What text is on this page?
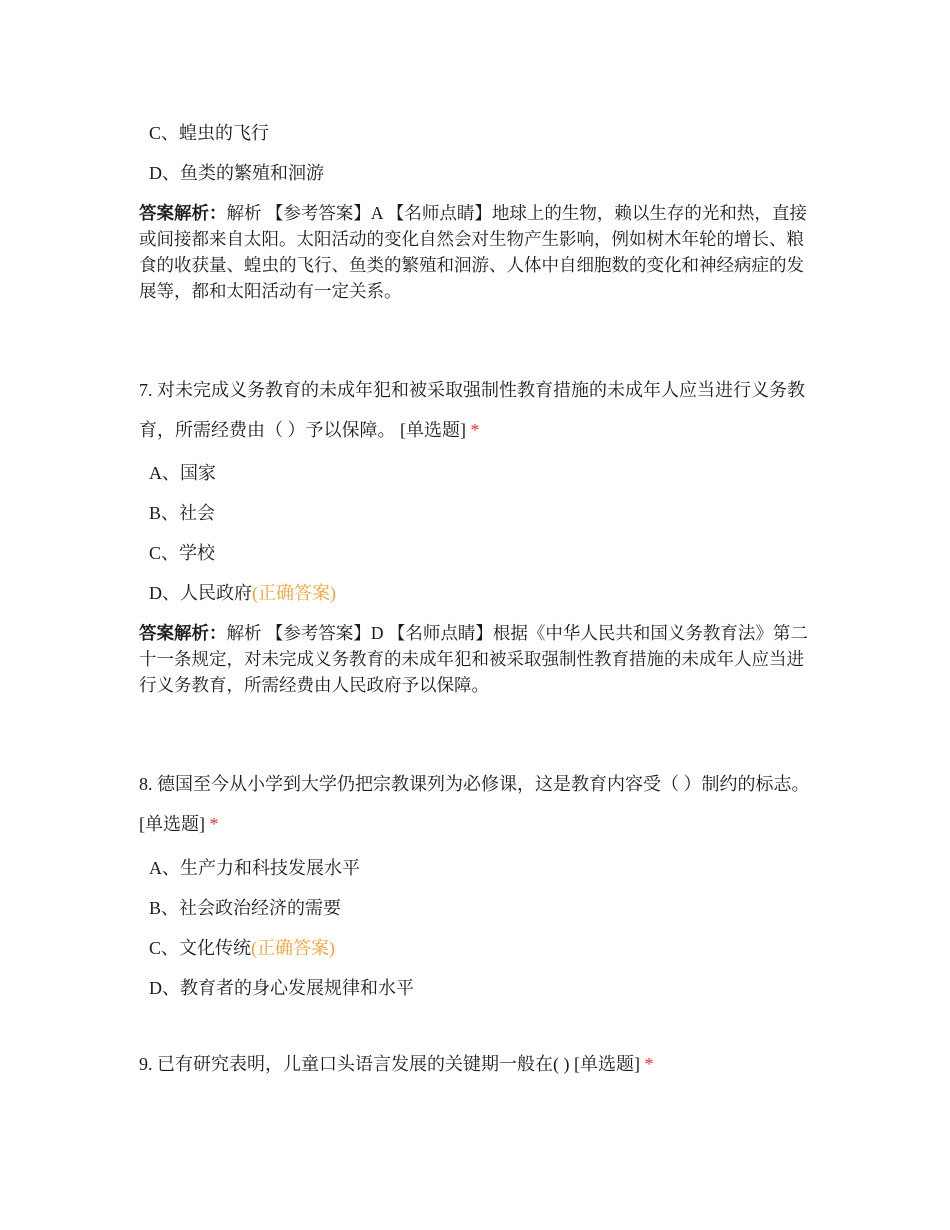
C、蝗虫的飞行
D、鱼类的繁殖和洄游
答案解析：解析 【参考答案】A 【名师点睛】地球上的生物，赖以生存的光和热，直接或间接都来自太阳。太阳活动的变化自然会对生物产生影响，例如树木年轮的增长、粮食的收获量、蝗虫的飞行、鱼类的繁殖和洄游、人体中自细胞数的变化和神经病症的发展等，都和太阳活动有一定关系。
7. 对未完成义务教育的未成年犯和被采取强制性教育措施的未成年人应当进行义务教育，所需经费由（ ）予以保障。 [单选题] *
A、国家
B、社会
C、学校
D、人民政府(正确答案)
答案解析：解析 【参考答案】D 【名师点睛】根据《中华人民共和国义务教育法》第二十一条规定，对未完成义务教育的未成年犯和被采取强制性教育措施的未成年人应当进行义务教育，所需经费由人民政府予以保障。
8. 德国至今从小学到大学仍把宗教课列为必修课，这是教育内容受（ ）制约的标志。 [单选题] *
A、生产力和科技发展水平
B、社会政治经济的需要
C、文化传统(正确答案)
D、教育者的身心发展规律和水平
9. 已有研究表明，儿童口头语言发展的关键期一般在( ) [单选题] *
